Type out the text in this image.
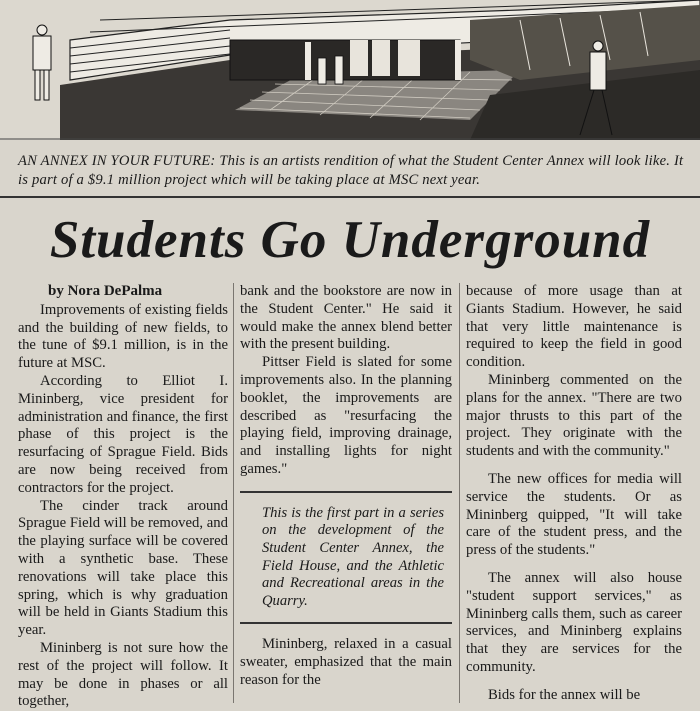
AN ANNEX IN YOUR FUTURE: This is an artists rendition of what the Student Center Annex will look like. It is part of a $9.1 million project which will be taking place at MSC next year.
Students Go Underground

by Nora DePalma

Improvements of existing fields and the building of new fields, to the tune of $9.1 million, is in the future at MSC.

According to Elliot I. Mininberg, vice president for administration and finance, the first phase of this project is the resurfacing of Sprague Field. Bids are now being received from contractors for the project.

The cinder track around Sprague Field will be removed, and the playing surface will be covered with a synthetic base. These renovations will take place this spring, which is why graduation will be held in Giants Stadium this year.

Mininberg is not sure how the rest of the project will follow. It may be done in phases or all together,

bank and the bookstore are now in the Student Center." He said it would make the annex blend better with the present building.

Pittser Field is slated for some improvements also. In the planning booklet, the improvements are described as "resurfacing the playing field, improving drainage, and installing lights for night games."

This is the first part in a series on the development of the Student Center Annex, the Field House, and the Athletic and Recreational areas in the Quarry.

Mininberg, relaxed in a casual sweater, emphasized that the main reason for the

because of more usage than at Giants Stadium. However, he said that very little maintenance is required to keep the field in good condition.

Mininberg commented on the plans for the annex. "There are two major thrusts to this part of the project. They originate with the students and with the community."

The new offices for media will service the students. Or as Mininberg quipped, "It will take care of the student press, and the press of the students."

The annex will also house "student support services," as Mininberg calls them, such as career services, and Mininberg explains that they are services for the community.

Bids for the annex will be
